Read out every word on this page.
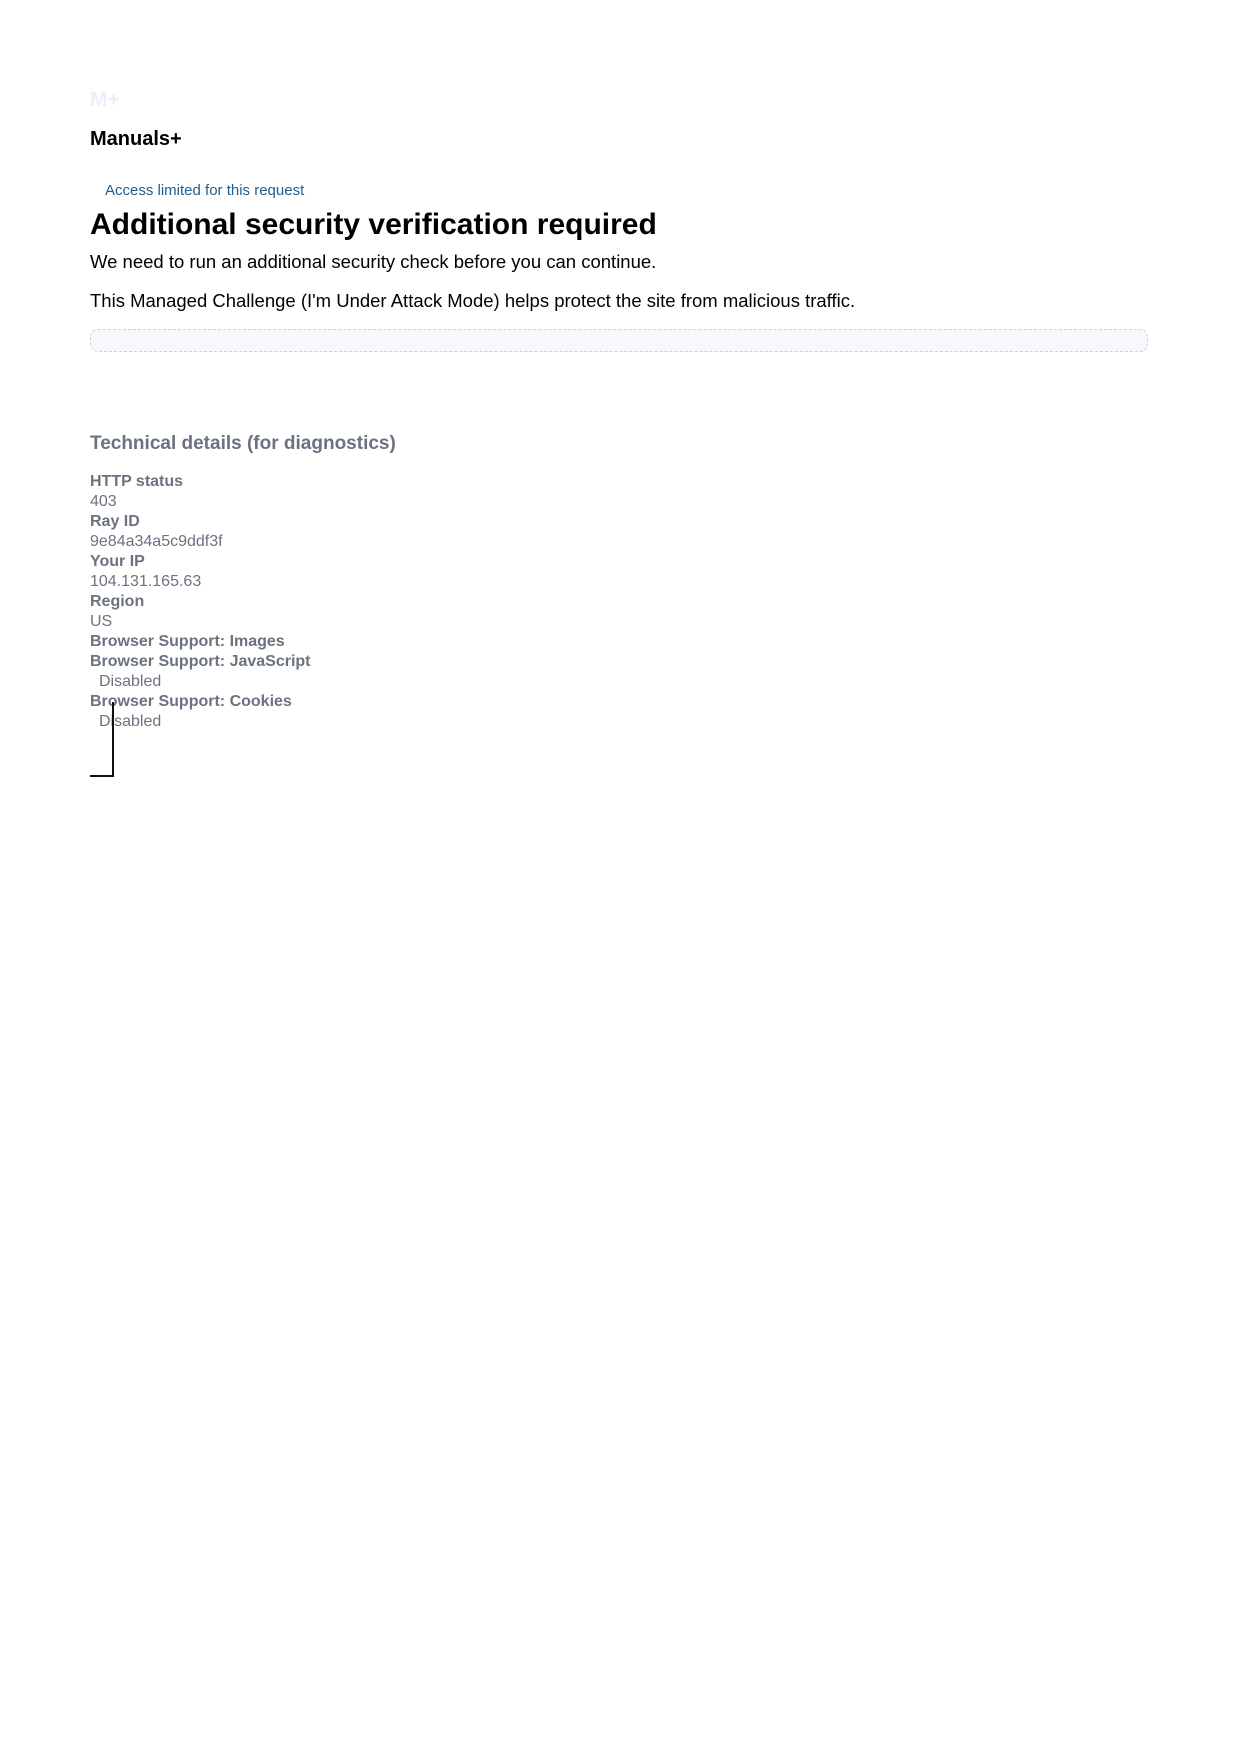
M+
Manuals+
Access limited for this request
Additional security verification required

We need to run an additional security check before you can continue.

This Managed Challenge (I'm Under Attack Mode) helps protect the site from malicious traffic.

Technical details (for diagnostics)
HTTP status
403
Ray ID
9e84a34a5c9ddf3f
Your IP
104.131.165.63
Region
US
Browser Support: Images
Browser Support: JavaScript
Disabled
Browser Support: Cookies
Disabled
